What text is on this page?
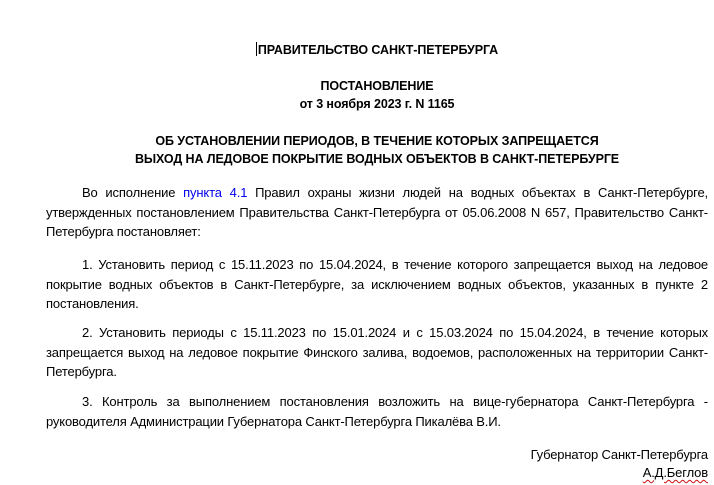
ПРАВИТЕЛЬСТВО САНКТ-ПЕТЕРБУРГА
ПОСТАНОВЛЕНИЕ
от 3 ноября 2023 г. N 1165
ОБ УСТАНОВЛЕНИИ ПЕРИОДОВ, В ТЕЧЕНИЕ КОТОРЫХ ЗАПРЕЩАЕТСЯ
ВЫХОД НА ЛЕДОВОЕ ПОКРЫТИЕ ВОДНЫХ ОБЪЕКТОВ В САНКТ-ПЕТЕРБУРГЕ
Во исполнение пункта 4.1 Правил охраны жизни людей на водных объектах в Санкт-Петербурге, утвержденных постановлением Правительства Санкт-Петербурга от 05.06.2008 N 657, Правительство Санкт-Петербурга постановляет:
1. Установить период с 15.11.2023 по 15.04.2024, в течение которого запрещается выход на ледовое покрытие водных объектов в Санкт-Петербурге, за исключением водных объектов, указанных в пункте 2 постановления.
2. Установить периоды с 15.11.2023 по 15.01.2024 и с 15.03.2024 по 15.04.2024, в течение которых запрещается выход на ледовое покрытие Финского залива, водоемов, расположенных на территории Санкт-Петербурга.
3. Контроль за выполнением постановления возложить на вице-губернатора Санкт-Петербурга - руководителя Администрации Губернатора Санкт-Петербурга Пикалёва В.И.
Губернатор Санкт-Петербурга
А.Д.Беглов
